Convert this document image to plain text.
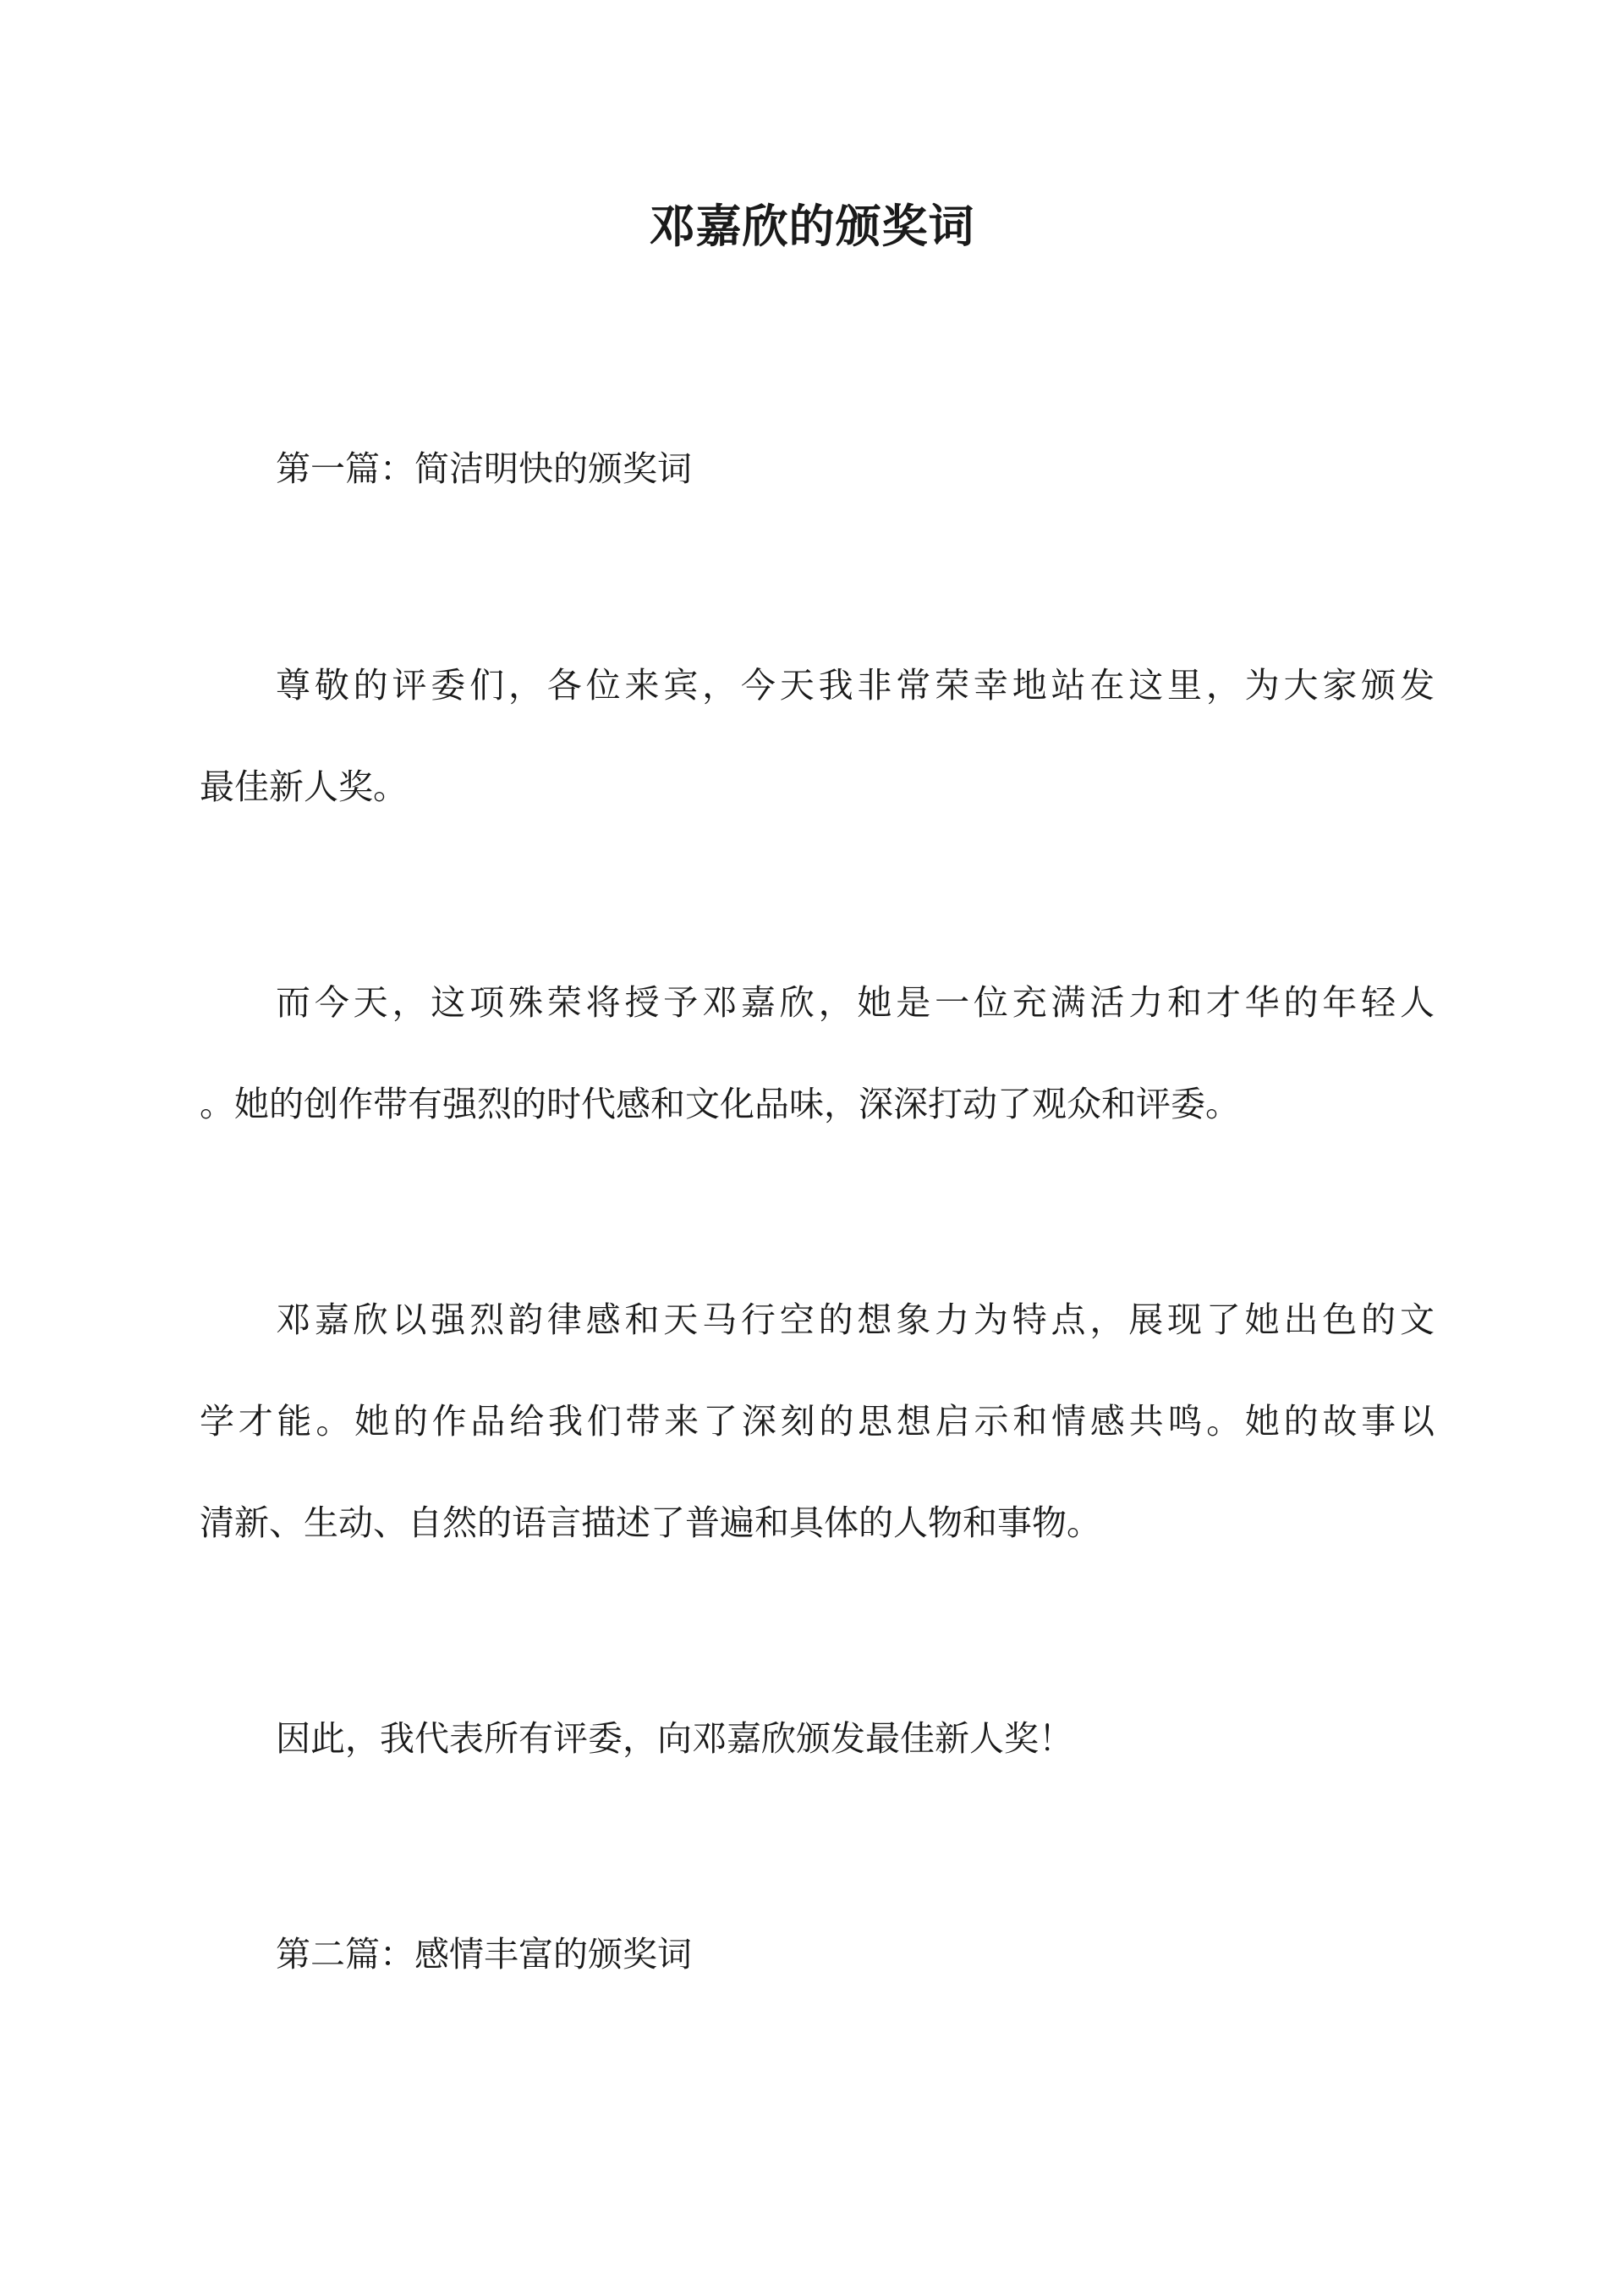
邓嘉欣的颁奖词

第一篇：简洁明快的颁奖词

尊敬的评委们，各位来宾，今天我非常荣幸地站在这里，为大家颁发

最佳新人奖。

而今天，这项殊荣将授予邓嘉欣，她是一位充满活力和才华的年轻人

。她的创作带有强烈的时代感和文化品味，深深打动了观众和评委。

邓嘉欣以强烈韵律感和天马行空的想象力为特点，展现了她出色的文

学才能。她的作品给我们带来了深刻的思想启示和情感共鸣。她的故事以

清新、生动、自然的语言描述了普遍和具体的人物和事物。

因此，我代表所有评委，向邓嘉欣颁发最佳新人奖！

第二篇：感情丰富的颁奖词
